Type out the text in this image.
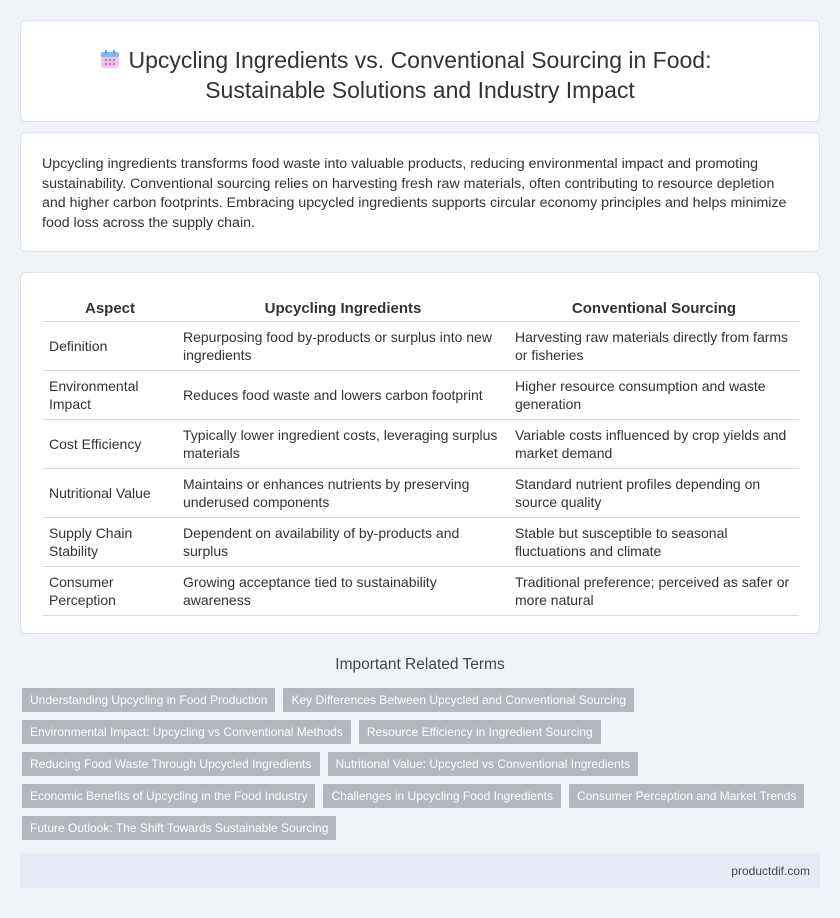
Upcycling Ingredients vs. Conventional Sourcing in Food:
Sustainable Solutions and Industry Impact

Upcycling ingredients transforms food waste into valuable products, reducing environmental impact and promoting sustainability. Conventional sourcing relies on harvesting fresh raw materials, often contributing to resource depletion and higher carbon footprints. Embracing upcycled ingredients supports circular economy principles and helps minimize food loss across the supply chain.

Aspect	Upcycling Ingredients	Conventional Sourcing
Definition	Repurposing food by-products or surplus into new ingredients	Harvesting raw materials directly from farms or fisheries
Environmental Impact	Reduces food waste and lowers carbon footprint	Higher resource consumption and waste generation
Cost Efficiency	Typically lower ingredient costs, leveraging surplus materials	Variable costs influenced by crop yields and market demand
Nutritional Value	Maintains or enhances nutrients by preserving underused components	Standard nutrient profiles depending on source quality
Supply Chain Stability	Dependent on availability of by-products and surplus	Stable but susceptible to seasonal fluctuations and climate
Consumer Perception	Growing acceptance tied to sustainability awareness	Traditional preference; perceived as safer or more natural
Important Related Terms
Understanding Upcycling in Food Production	Key Differences Between Upcycled and Conventional Sourcing
Environmental Impact: Upcycling vs Conventional Methods	Resource Efficiency in Ingredient Sourcing
Reducing Food Waste Through Upcycled Ingredients	Nutritional Value: Upcycled vs Conventional Ingredients
Economic Benefits of Upcycling in the Food Industry	Challenges in Upcycling Food Ingredients	Consumer Perception and Market Trends
Future Outlook: The Shift Towards Sustainable Sourcing
productdif.com
